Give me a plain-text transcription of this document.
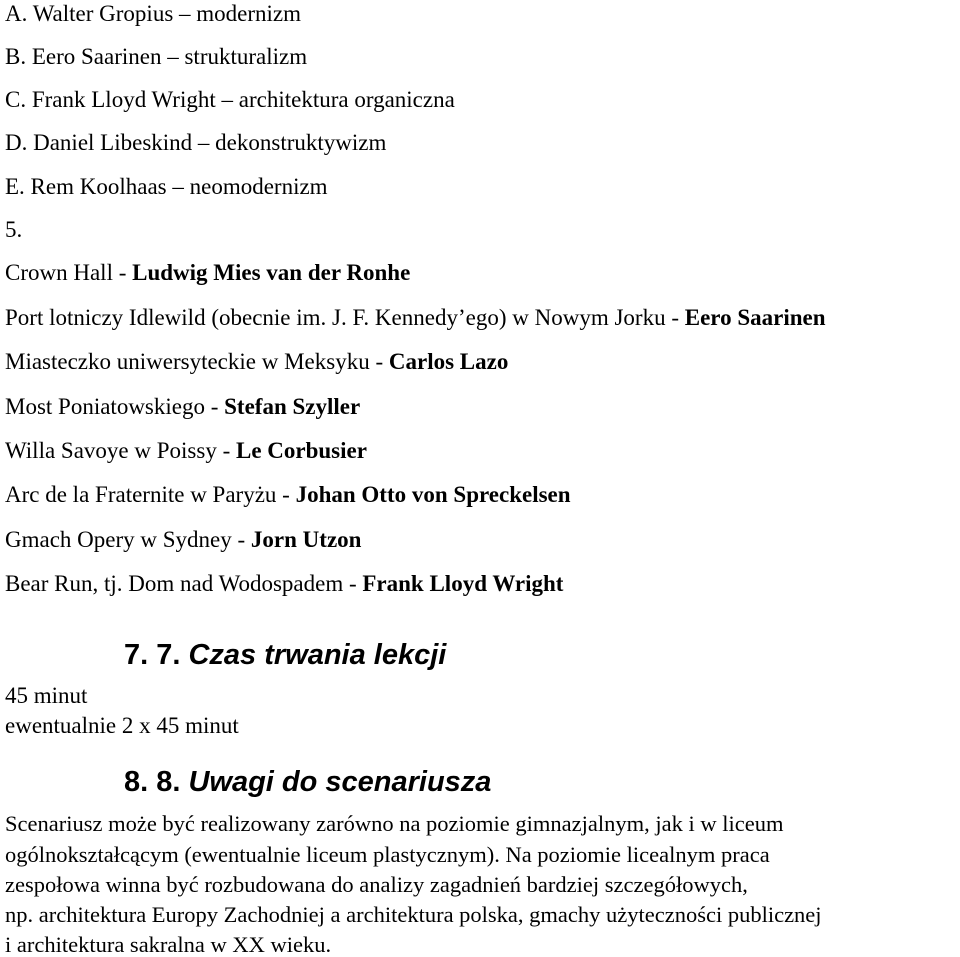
A. Walter Gropius – modernizm
B. Eero Saarinen – strukturalizm
C. Frank Lloyd Wright – architektura organiczna
D. Daniel Libeskind – dekonstruktywizm
E. Rem Koolhaas – neomodernizm
5.
Crown Hall - Ludwig Mies van der Ronhe
Port lotniczy Idlewild (obecnie im. J. F. Kennedy’ego) w Nowym Jorku - Eero Saarinen
Miasteczko uniwersyteckie w Meksyku - Carlos Lazo
Most Poniatowskiego - Stefan Szyller
Willa Savoye w Poissy - Le Corbusier
Arc de la Fraternite w Paryżu - Johan Otto von Spreckelsen
Gmach Opery w Sydney - Jorn Utzon
Bear Run, tj. Dom nad Wodospadem - Frank Lloyd Wright
7. 7. Czas trwania lekcji
45 minut
ewentualnie 2 x 45 minut
8. 8. Uwagi do scenariusza
Scenariusz może być realizowany zarówno na poziomie gimnazjalnym, jak i w liceum
ogólnokształcącym (ewentualnie liceum plastycznym). Na poziomie licealnym praca
zespołowa winna być rozbudowana do analizy zagadnień bardziej szczegółowych,
np. architektura Europy Zachodniej a architektura polska, gmachy użyteczności publicznej
i architektura sakralna w XX wieku.
